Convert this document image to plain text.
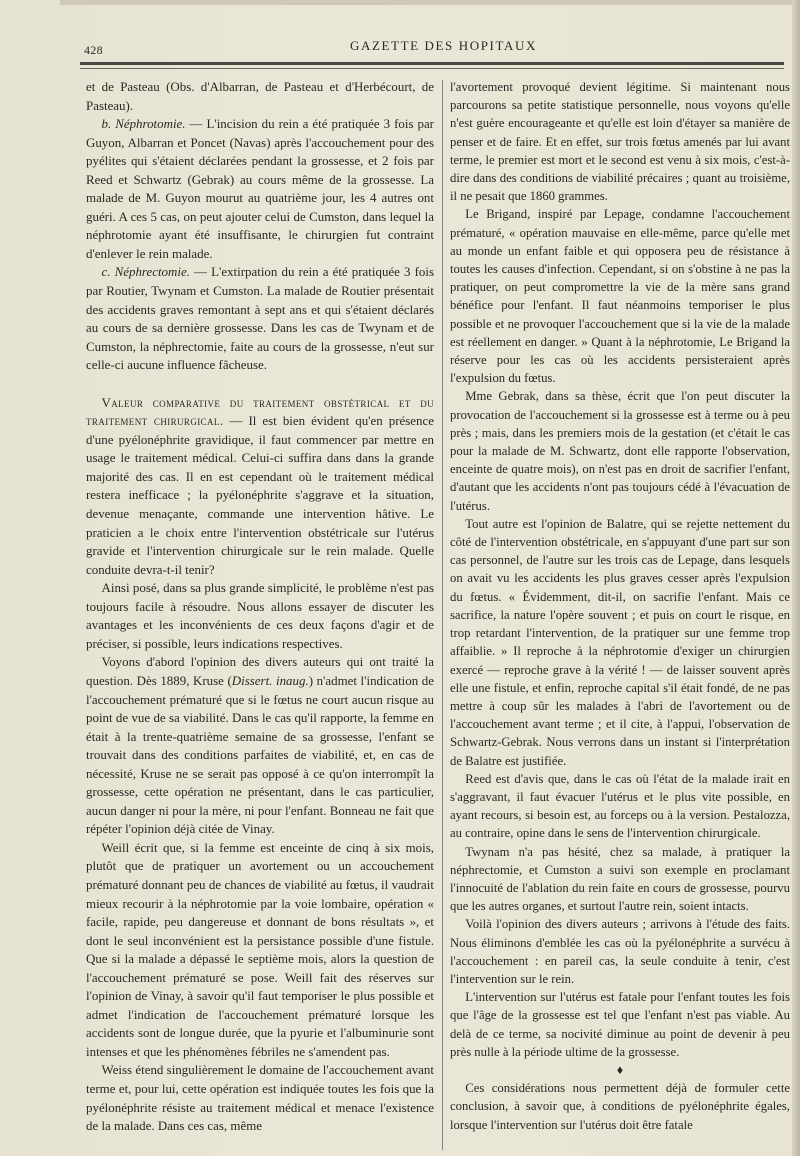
428	GAZETTE DES HOPITAUX

et de Pasteau (Obs. d'Albarran, de Pasteau et d'Herbécourt, de Pasteau).

b. Néphrotomie. — L'incision du rein a été pratiquée 3 fois par Guyon, Albarran et Poncet (Navas) après l'accouchement pour des pyélites qui s'étaient déclarées pendant la grossesse, et 2 fois par Reed et Schwartz (Gebrak) au cours même de la grossesse. La malade de M. Guyon mourut au quatrième jour, les 4 autres ont guéri. A ces 5 cas, on peut ajouter celui de Cumston, dans lequel la néphrotomie ayant été insuffisante, le chirurgien fut contraint d'enlever le rein malade.

c. Néphrectomie. — L'extirpation du rein a été pratiquée 3 fois par Routier, Twynam et Cumston. La malade de Routier présentait des accidents graves remontant à sept ans et qui s'étaient déclarés au cours de sa dernière grossesse. Dans les cas de Twynam et de Cumston, la néphrectomie, faite au cours de la grossesse, n'eut sur celle-ci aucune influence fâcheuse.

Valeur comparative du traitement obstétrical et du traitement chirurgical. — Il est bien évident qu'en présence d'une pyélonéphrite gravidique, il faut commencer par mettre en usage le traitement médical. Celui-ci suffira dans dans la grande majorité des cas. Il en est cependant où le traitement médical restera inefficace ; la pyélonéphrite s'aggrave et la situation, devenue menaçante, commande une intervention hâtive. Le praticien a le choix entre l'intervention obstétricale sur l'utérus gravide et l'intervention chirurgicale sur le rein malade. Quelle conduite devra-t-il tenir?

Ainsi posé, dans sa plus grande simplicité, le problème n'est pas toujours facile à résoudre. Nous allons essayer de discuter les avantages et les inconvénients de ces deux façons d'agir et de préciser, si possible, leurs indications respectives.

Voyons d'abord l'opinion des divers auteurs qui ont traité la question. Dès 1889, Kruse (Dissert. inaug.) n'admet l'indication de l'accouchement prématuré que si le fœtus ne court aucun risque au point de vue de sa viabilité. Dans le cas qu'il rapporte, la femme en était à la trente-quatrième semaine de sa grossesse, l'enfant se trouvait dans des conditions parfaites de viabilité, et, en cas de nécessité, Kruse ne se serait pas opposé à ce qu'on interrompît la grossesse, cette opération ne présentant, dans le cas particulier, aucun danger ni pour la mère, ni pour l'enfant. Bonneau ne fait que répéter l'opinion déjà citée de Vinay.

Weill écrit que, si la femme est enceinte de cinq à six mois, plutôt que de pratiquer un avortement ou un accouchement prématuré donnant peu de chances de viabilité au fœtus, il vaudrait mieux recourir à la néphrotomie par la voie lombaire, opération « facile, rapide, peu dangereuse et donnant de bons résultats », et dont le seul inconvénient est la persistance possible d'une fistule. Que si la malade a dépassé le septième mois, alors la question de l'accouchement prématuré se pose. Weill fait des réserves sur l'opinion de Vinay, à savoir qu'il faut temporiser le plus possible et admet l'indication de l'accouchement prématuré lorsque les accidents sont de longue durée, que la pyurie et l'albuminurie sont intenses et que les phénomènes fébriles ne s'amendent pas.

Weiss étend singulièrement le domaine de l'accouchement avant terme et, pour lui, cette opération est indiquée toutes les fois que la pyélonéphrite résiste au traitement médical et menace l'existence de la malade. Dans ces cas, même

l'avortement provoqué devient légitime. Si maintenant nous parcourons sa petite statistique personnelle, nous voyons qu'elle n'est guère encourageante et qu'elle est loin d'étayer sa manière de penser et de faire. Et en effet, sur trois fœtus amenés par lui avant terme, le premier est mort et le second est venu à six mois, c'est-à-dire dans des conditions de viabilité précaires ; quant au troisième, il ne pesait que 1860 grammes.

Le Brigand, inspiré par Lepage, condamne l'accouchement prématuré, « opération mauvaise en elle-même, parce qu'elle met au monde un enfant faible et qui opposera peu de résistance à toutes les causes d'infection. Cependant, si on s'obstine à ne pas la pratiquer, on peut compromettre la vie de la mère sans grand bénéfice pour l'enfant. Il faut néanmoins temporiser le plus possible et ne provoquer l'accouchement que si la vie de la malade est réellement en danger. » Quant à la néphrotomie, Le Brigand la réserve pour les cas où les accidents persisteraient après l'expulsion du fœtus.

Mme Gebrak, dans sa thèse, écrit que l'on peut discuter la provocation de l'accouchement si la grossesse est à terme ou à peu près ; mais, dans les premiers mois de la gestation (et c'était le cas pour la malade de M. Schwartz, dont elle rapporte l'observation, enceinte de quatre mois), on n'est pas en droit de sacrifier l'enfant, d'autant que les accidents n'ont pas toujours cédé à l'évacuation de l'utérus.

Tout autre est l'opinion de Balatre, qui se rejette nettement du côté de l'intervention obstétricale, en s'appuyant d'une part sur son cas personnel, de l'autre sur les trois cas de Lepage, dans lesquels on avait vu les accidents les plus graves cesser après l'expulsion du fœtus. « Évidemment, dit-il, on sacrifie l'enfant. Mais ce sacrifice, la nature l'opère souvent ; et puis on court le risque, en trop retardant l'intervention, de la pratiquer sur une femme trop affaiblie. » Il reproche à la néphrotomie d'exiger un chirurgien exercé — reproche grave à la vérité ! — de laisser souvent après elle une fistule, et enfin, reproche capital s'il était fondé, de ne pas mettre à coup sûr les malades à l'abri de l'avortement ou de l'accouchement avant terme ; et il cite, à l'appui, l'observation de Schwartz-Gebrak. Nous verrons dans un instant si l'interprétation de Balatre est justifiée.

Reed est d'avis que, dans le cas où l'état de la malade irait en s'aggravant, il faut évacuer l'utérus et le plus vite possible, en ayant recours, si besoin est, au forceps ou à la version. Pestalozza, au contraire, opine dans le sens de l'intervention chirurgicale.

Twynam n'a pas hésité, chez sa malade, à pratiquer la néphrectomie, et Cumston a suivi son exemple en proclamant l'innocuité de l'ablation du rein faite en cours de grossesse, pourvu que les autres organes, et surtout l'autre rein, soient intacts.

Voilà l'opinion des divers auteurs ; arrivons à l'étude des faits. Nous éliminons d'emblée les cas où la pyélonéphrite a survécu à l'accouchement : en pareil cas, la seule conduite à tenir, c'est l'intervention sur le rein.

L'intervention sur l'utérus est fatale pour l'enfant toutes les fois que l'âge de la grossesse est tel que l'enfant n'est pas viable. Au delà de ce terme, sa nocivité diminue au point de devenir à peu près nulle à la période ultime de la grossesse.

♦

Ces considérations nous permettent déjà de formuler cette conclusion, à savoir que, à conditions de pyélonéphrite égales, lorsque l'intervention sur l'utérus doit être fatale
